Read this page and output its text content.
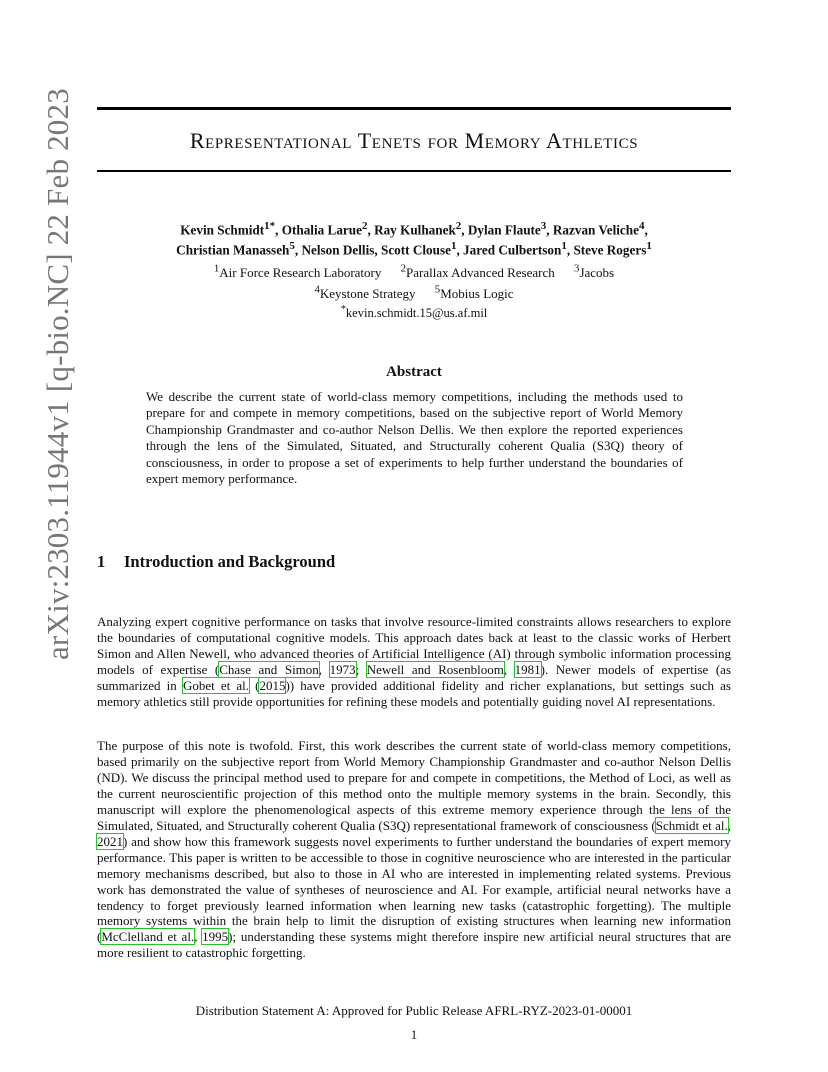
Representational Tenets for Memory Athletics
arXiv:2303.11944v1 [q-bio.NC] 22 Feb 2023	Kevin Schmidt$^{1*}$, Othalia Larue$^2$, Ray Kulhanek$^2$, Dylan Flaute$^3$, Razvan Veliche$^4$,
Christian Manasseh$^5$, Nelson Dellis, Scott Clouse$^1$, Jared Culbertson$^1$, Steve Rogers$^1$
$^1$Air Force Research Laboratory $^2$Parallax Advanced Research $^3$Jacobs
$^4$Keystone Strategy $^5$Mobius Logic
*kevin.schmidt.15@us.af.mil
Abstract
We describe the current state of world-class memory competitions, including the methods used to prepare for and compete in memory competitions, based on the subjective report of World Memory Championship Grandmaster and co-author Nelson Dellis. We then explore the reported experiences through the lens of the Simulated, Situated, and Structurally coherent Qualia (S3Q) theory of consciousness, in order to propose a set of experiments to help further understand the boundaries of expert memory performance.
1 Introduction and Background
Analyzing expert cognitive performance on tasks that involve resource-limited constraints allows researchers to explore the boundaries of computational cognitive models. This approach dates back at least to the classic works of Herbert Simon and Allen Newell, who advanced theories of Artificial Intelligence (AI) through symbolic information processing models of expertise (Chase and Simon, 1973; Newell and Rosenbloom, 1981). Newer models of expertise (as summarized in Gobet et al. (2015)) have provided additional fidelity and richer explanations, but settings such as memory athletics still provide opportunities for refining these models and potentially guiding novel AI representations.
The purpose of this note is twofold. First, this work describes the current state of world-class memory competitions, based primarily on the subjective report from World Memory Championship Grandmaster and co-author Nelson Dellis (ND). We discuss the principal method used to prepare for and compete in competitions, the Method of Loci, as well as the current neuroscientific projection of this method onto the multiple memory systems in the brain. Secondly, this manuscript will explore the phenomenological aspects of this extreme memory experience through the lens of the Simulated, Situated, and Structurally coherent Qualia (S3Q) representational framework of consciousness (Schmidt et al., 2021) and show how this framework suggests novel experiments to further understand the boundaries of expert memory performance. This paper is written to be accessible to those in cognitive neuroscience who are interested in the particular memory mechanisms described, but also to those in AI who are interested in implementing related systems. Previous work has demonstrated the value of syntheses of neuroscience and AI. For example, artificial neural networks have a tendency to forget previously learned information when learning new tasks (catastrophic forgetting). The multiple memory systems within the brain help to limit the disruption of existing structures when learning new information (McClelland et al., 1995); understanding these systems might therefore inspire new artificial neural structures that are more resilient to catastrophic forgetting.
Distribution Statement A: Approved for Public Release AFRL-RYZ-2023-01-00001
1
